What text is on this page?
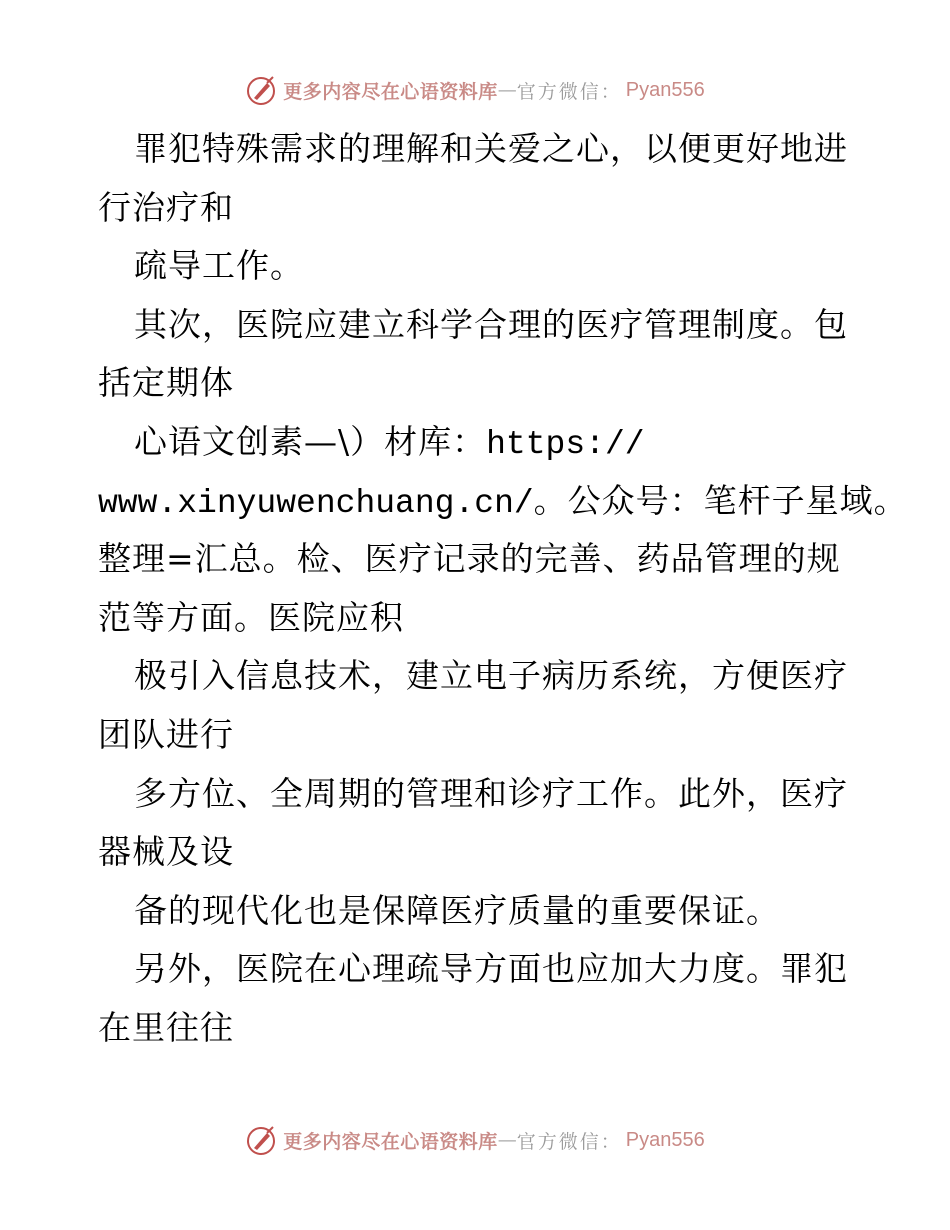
更多内容尽在心语资料库 — 官方微信： Pyan556
罪犯特殊需求的理解和关爱之心，以便更好地进
行治疗和
疏导工作。
其次，医院应建立科学合理的医疗管理制度。包
括定期体
心语文创素—\）材库：https://
www.xinyuwenchuang.cn/。公众号：笔杆子星域。
整理=汇总。检、医疗记录的完善、药品管理的规
范等方面。医院应积
极引入信息技术，建立电子病历系统，方便医疗
团队进行
多方位、全周期的管理和诊疗工作。此外，医疗
器械及设
备的现代化也是保障医疗质量的重要保证。
另外，医院在心理疏导方面也应加大力度。罪犯
在里往往
更多内容尽在心语资料库 — 官方微信： Pyan556
